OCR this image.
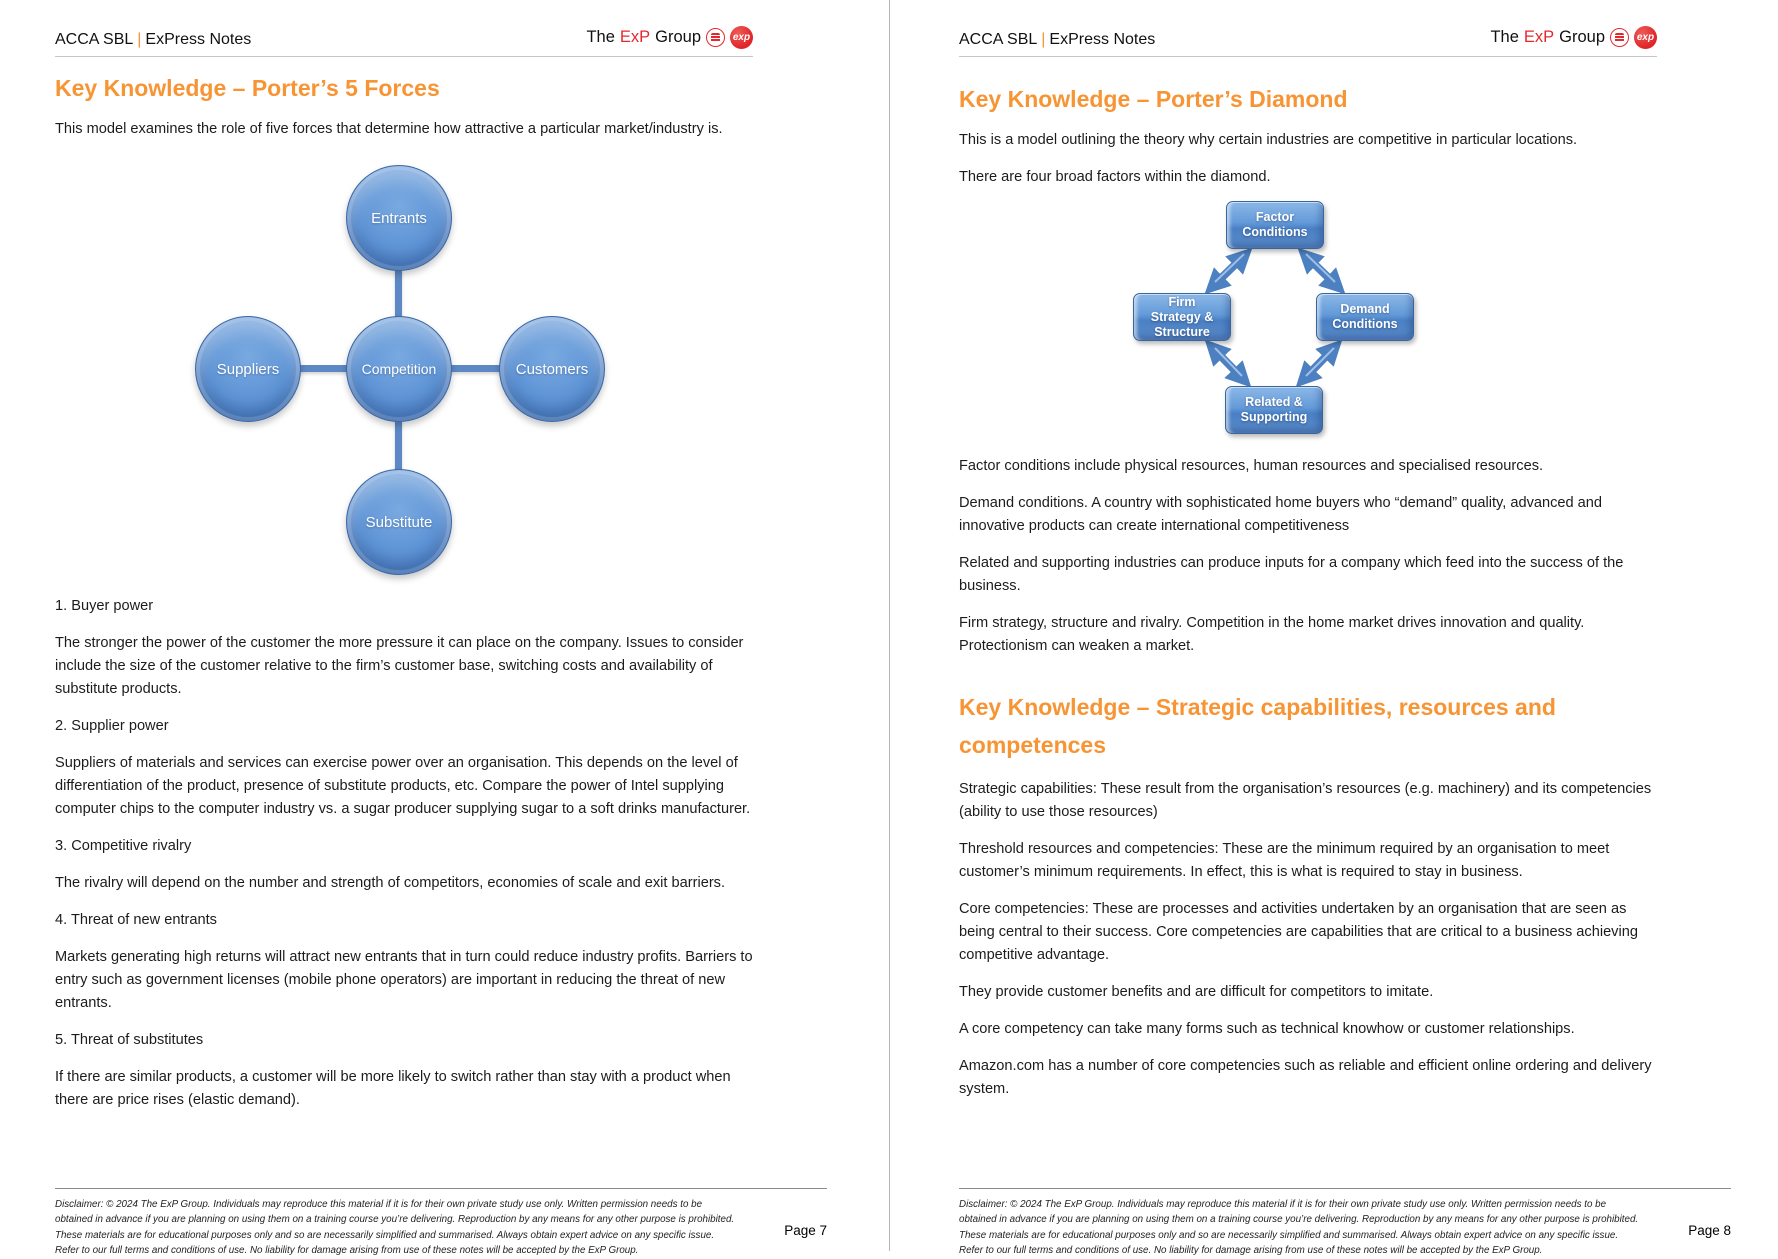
ACCA SBL | ExPress Notes	The ExP Group	exp
Key Knowledge – Porter’s 5 Forces

This model examines the role of five forces that determine how attractive a particular market/industry is.

Entrants
Suppliers	Competition	Customers
Substitute

1. Buyer power

The stronger the power of the customer the more pressure it can place on the company. Issues to consider include the size of the customer relative to the firm’s customer base, switching costs and availability of substitute products.

2. Supplier power

Suppliers of materials and services can exercise power over an organisation. This depends on the level of differentiation of the product, presence of substitute products, etc. Compare the power of Intel supplying computer chips to the computer industry vs. a sugar producer supplying sugar to a soft drinks manufacturer.

3. Competitive rivalry

The rivalry will depend on the number and strength of competitors, economies of scale and exit barriers.

4. Threat of new entrants

Markets generating high returns will attract new entrants that in turn could reduce industry profits. Barriers to entry such as government licenses (mobile phone operators) are important in reducing the threat of new entrants.

5. Threat of substitutes

If there are similar products, a customer will be more likely to switch rather than stay with a product when there are price rises (elastic demand).

Disclaimer: © 2024 The ExP Group. Individuals may reproduce this material if it is for their own private study use only. Written permission needs to be obtained in advance if you are planning on using them on a training course you’re delivering. Reproduction by any means for any other purpose is prohibited. These materials are for educational purposes only and so are necessarily simplified and summarised. Always obtain expert advice on any specific issue. Refer to our full terms and conditions of use. No liability for damage arising from use of these notes will be accepted by the ExP Group.
Page 7
ACCA SBL | ExPress Notes	The ExP Group	exp
Key Knowledge – Porter’s Diamond

This is a model outlining the theory why certain industries are competitive in particular locations.

There are four broad factors within the diamond.

Factor Conditions
Firm Strategy & Structure
Demand Conditions
Related & Supporting

Factor conditions include physical resources, human resources and specialised resources.

Demand conditions. A country with sophisticated home buyers who “demand” quality, advanced and innovative products can create international competitiveness

Related and supporting industries can produce inputs for a company which feed into the success of the business.

Firm strategy, structure and rivalry. Competition in the home market drives innovation and quality. Protectionism can weaken a market.

Key Knowledge – Strategic capabilities, resources and competences

Strategic capabilities: These result from the organisation’s resources (e.g. machinery) and its competencies (ability to use those resources)

Threshold resources and competencies: These are the minimum required by an organisation to meet customer’s minimum requirements. In effect, this is what is required to stay in business.

Core competencies: These are processes and activities undertaken by an organisation that are seen as being central to their success. Core competencies are capabilities that are critical to a business achieving competitive advantage.

They provide customer benefits and are difficult for competitors to imitate.

A core competency can take many forms such as technical knowhow or customer relationships.

Amazon.com has a number of core competencies such as reliable and efficient online ordering and delivery system.

Disclaimer: © 2024 The ExP Group. Individuals may reproduce this material if it is for their own private study use only. Written permission needs to be obtained in advance if you are planning on using them on a training course you’re delivering. Reproduction by any means for any other purpose is prohibited. These materials are for educational purposes only and so are necessarily simplified and summarised. Always obtain expert advice on any specific issue. Refer to our full terms and conditions of use. No liability for damage arising from use of these notes will be accepted by the ExP Group.
Page 8
